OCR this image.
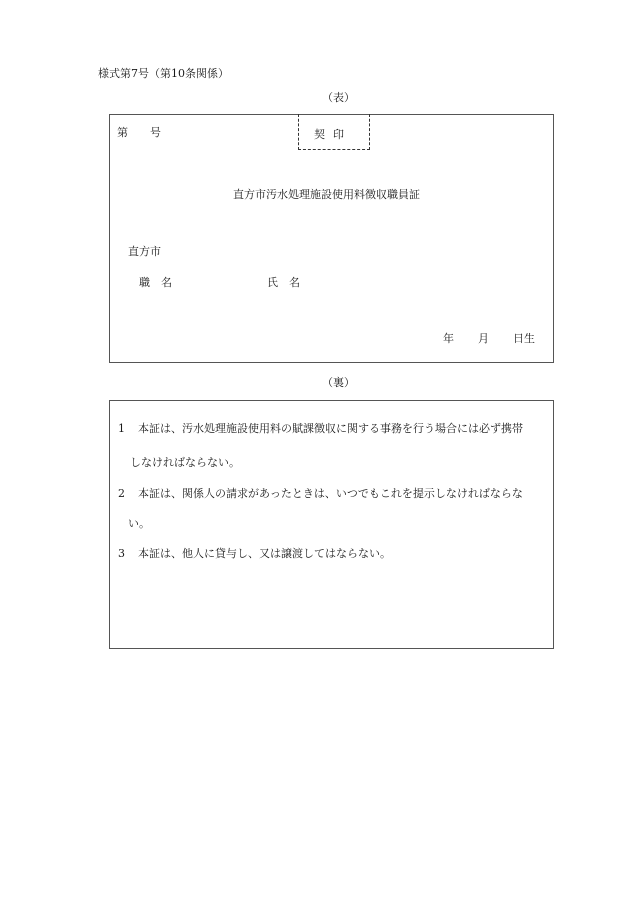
様式第7号（第10条関係）
（表）
第 号	契印
直方市汚水処理施設使用料徴収職員証
直方市
職 名	氏 名
年 月 日生
（裏）
1 本証は、汚水処理施設使用料の賦課徴収に関する事務を行う場合には必ず携帯
しなければならない。
2 本証は、関係人の請求があったときは、いつでもこれを提示しなければならな
い。
3 本証は、他人に貸与し、又は譲渡してはならない。
